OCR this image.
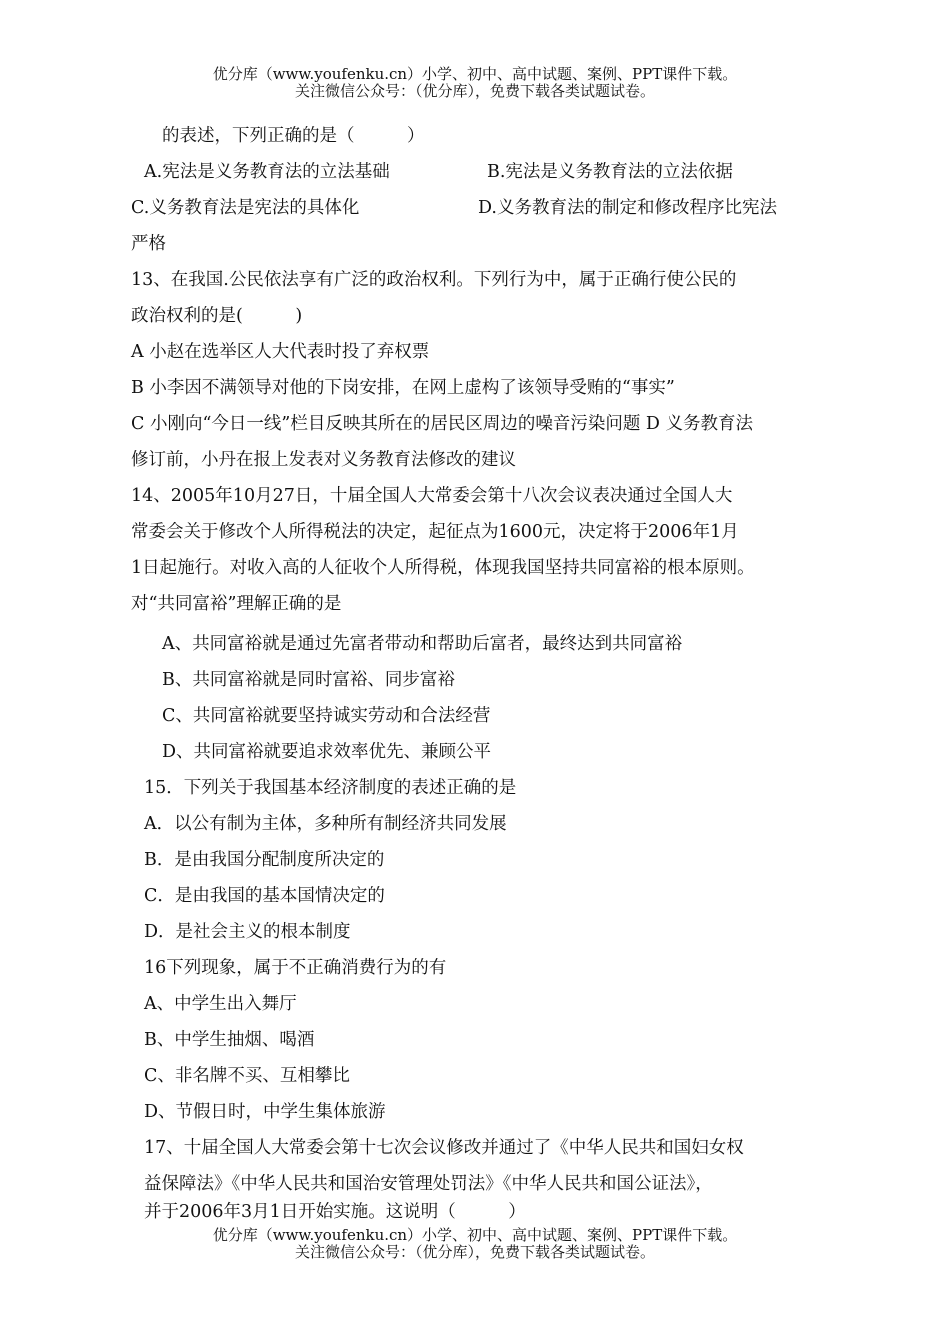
优分库（www.youfenku.cn）小学、初中、高中试题、案例、PPT课件下载。
关注微信公众号：（优分库），免费下载各类试题试卷。
的表述，下列正确的是（　　　）
A.宪法是义务教育法的立法基础	B.宪法是义务教育法的立法依据
C.义务教育法是宪法的具体化	D.义务教育法的制定和修改程序比宪法
严格
13、在我国.公民依法享有广泛的政治权利。下列行为中，属于正确行使公民的
政治权利的是(　　　)
A 小赵在选举区人大代表时投了弃权票
B 小李因不满领导对他的下岗安排，在网上虚构了该领导受贿的“事实”
C 小刚向“今日一线”栏目反映其所在的居民区周边的噪音污染问题 D 义务教育法
修订前，小丹在报上发表对义务教育法修改的建议
14、2005年10月27日，十届全国人大常委会第十八次会议表决通过全国人大
常委会关于修改个人所得税法的决定，起征点为1600元，决定将于2006年1月
1日起施行。对收入高的人征收个人所得税，体现我国坚持共同富裕的根本原则。
对“共同富裕”理解正确的是
A、共同富裕就是通过先富者带动和帮助后富者，最终达到共同富裕
B、共同富裕就是同时富裕、同步富裕
C、共同富裕就要坚持诚实劳动和合法经营
D、共同富裕就要追求效率优先、兼顾公平
15．下列关于我国基本经济制度的表述正确的是
A．以公有制为主体，多种所有制经济共同发展
B．是由我国分配制度所决定的
C．是由我国的基本国情决定的
D．是社会主义的根本制度
16下列现象，属于不正确消费行为的有
A、中学生出入舞厅
B、中学生抽烟、喝酒
C、非名牌不买、互相攀比
D、节假日时，中学生集体旅游
17、十届全国人大常委会第十七次会议修改并通过了《中华人民共和国妇女权
益保障法》《中华人民共和国治安管理处罚法》《中华人民共和国公证法》，
并于2006年3月1日开始实施。这说明（　　　）
优分库（www.youfenku.cn）小学、初中、高中试题、案例、PPT课件下载。
关注微信公众号：（优分库），免费下载各类试题试卷。
